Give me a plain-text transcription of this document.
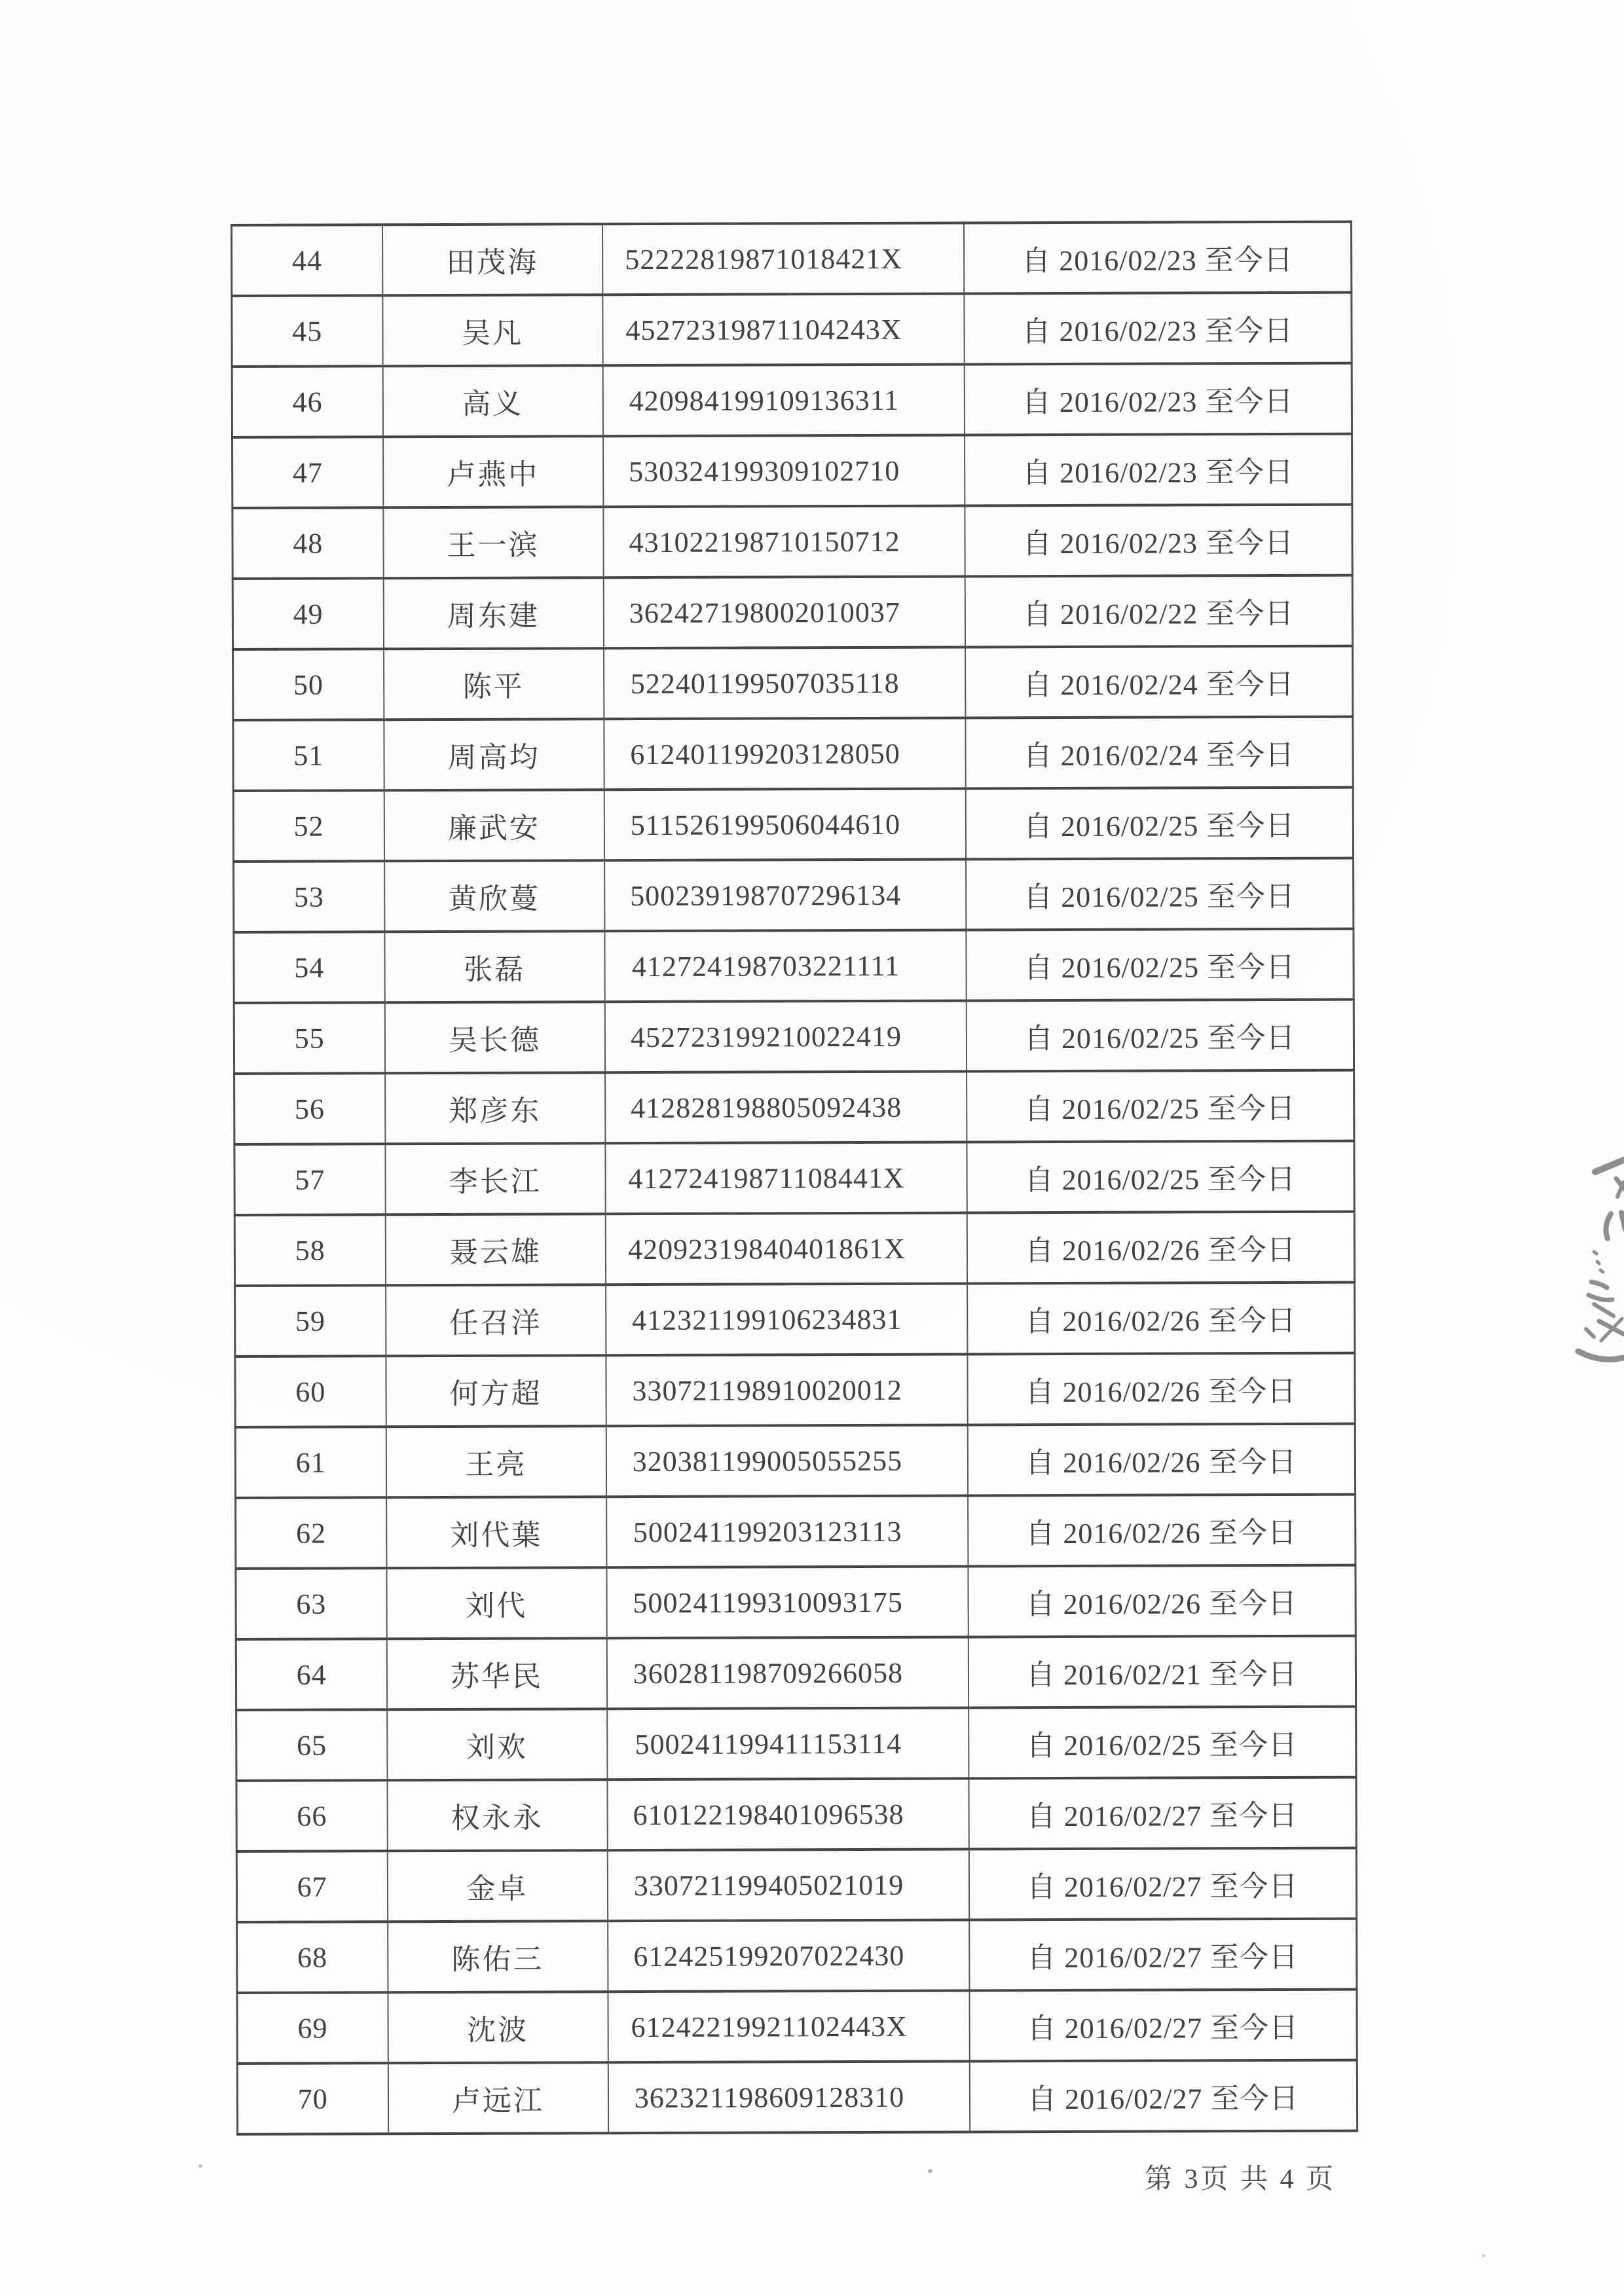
44	田茂海	52222819871018421X	自 2016/02/23 至今日
45	吴凡	45272319871104243X	自 2016/02/23 至今日
46	高义	420984199109136311	自 2016/02/23 至今日
47	卢燕中	530324199309102710	自 2016/02/23 至今日
48	王一滨	431022198710150712	自 2016/02/23 至今日
49	周东建	362427198002010037	自 2016/02/22 至今日
50	陈平	522401199507035118	自 2016/02/24 至今日
51	周高均	612401199203128050	自 2016/02/24 至今日
52	廉武安	511526199506044610	自 2016/02/25 至今日
53	黄欣蔓	500239198707296134	自 2016/02/25 至今日
54	张磊	412724198703221111	自 2016/02/25 至今日
55	吴长德	452723199210022419	自 2016/02/25 至今日
56	郑彦东	412828198805092438	自 2016/02/25 至今日
57	李长江	41272419871108441X	自 2016/02/25 至今日
58	聂云雄	42092319840401861X	自 2016/02/26 至今日
59	任召洋	412321199106234831	自 2016/02/26 至今日
60	何方超	330721198910020012	自 2016/02/26 至今日
61	王亮	320381199005055255	自 2016/02/26 至今日
62	刘代葉	500241199203123113	自 2016/02/26 至今日
63	刘代	500241199310093175	自 2016/02/26 至今日
64	苏华民	360281198709266058	自 2016/02/21 至今日
65	刘欢	500241199411153114	自 2016/02/25 至今日
66	权永永	610122198401096538	自 2016/02/27 至今日
67	金卓	330721199405021019	自 2016/02/27 至今日
68	陈佑三	612425199207022430	自 2016/02/27 至今日
69	沈波	61242219921102443X	自 2016/02/27 至今日
70	卢远江	362321198609128310	自 2016/02/27 至今日
第 3页 共 4 页
